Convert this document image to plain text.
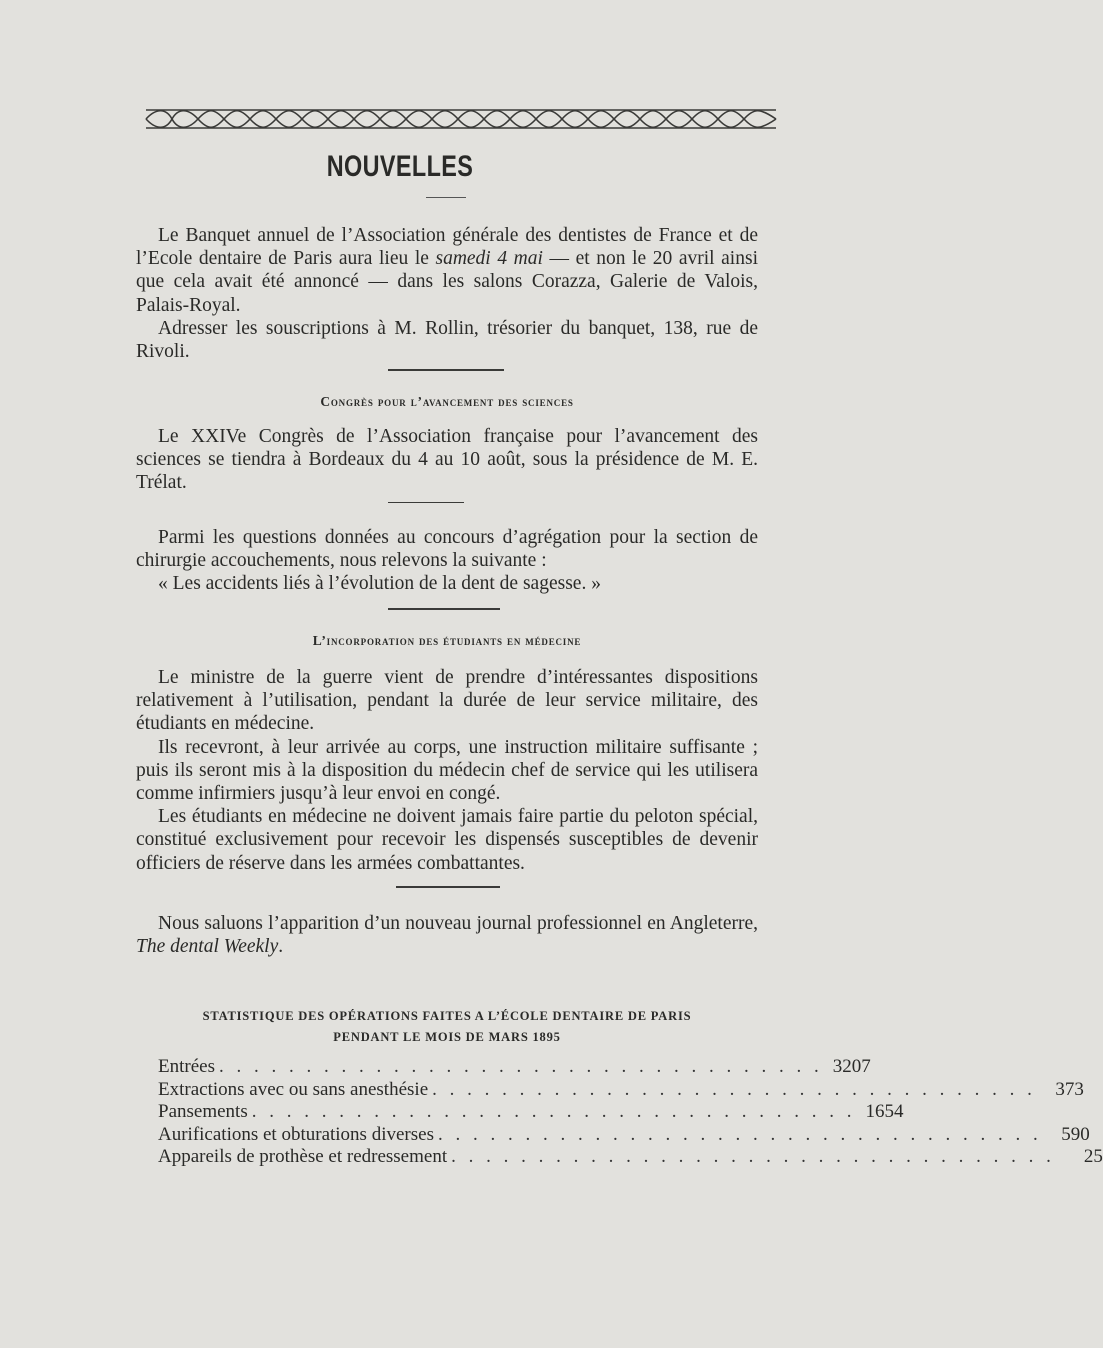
NOUVELLES

Le Banquet annuel de l’Association générale des dentistes de France et de l’Ecole dentaire de Paris aura lieu le samedi 4 mai — et non le 20 avril ainsi que cela avait été annoncé — dans les salons Corazza, Galerie de Valois, Palais-Royal.

Adresser les souscriptions à M. Rollin, trésorier du banquet, 138, rue de Rivoli.

Congrès pour l’avancement des sciences

Le XXIVe Congrès de l’Association française pour l’avancement des sciences se tiendra à Bordeaux du 4 au 10 août, sous la présidence de M. E. Trélat.

Parmi les questions données au concours d’agrégation pour la section de chirurgie accouchements, nous relevons la suivante :

« Les accidents liés à l’évolution de la dent de sagesse. »

L’incorporation des étudiants en médecine

Le ministre de la guerre vient de prendre d’intéressantes dispositions relativement à l’utilisation, pendant la durée de leur service militaire, des étudiants en médecine.

Ils recevront, à leur arrivée au corps, une instruction militaire suffisante ; puis ils seront mis à la disposition du médecin chef de service qui les utilisera comme infirmiers jusqu’à leur envoi en congé.

Les étudiants en médecine ne doivent jamais faire partie du peloton spécial, constitué exclusivement pour recevoir les dispensés susceptibles de devenir officiers de réserve dans les armées combattantes.

Nous saluons l’apparition d’un nouveau journal professionnel en Angleterre, The dental Weekly.

STATISTIQUE DES OPÉRATIONS FAITES A L’ÉCOLE DENTAIRE DE PARIS
PENDANT LE MOIS DE MARS 1895
Entrées . . . . . . . . . . . . . . . . . . . . . . . . . . . . . . . . . . . 3207
Extractions avec ou sans anesthésie . . . . . . . . . . . . . . . . . . . . . . . . . . . . . . . . . . .	373
Pansements . . . . . . . . . . . . . . . . . . . . . . . . . . . . . . . . . . . 1654
Aurifications et obturations diverses . . . . . . . . . . . . . . . . . . . . . . . . . . . . . . . . . . .	590
Appareils de prothèse et redressement . . . . . . . . . . . . . . . . . . . . . . . . . . . . . . . . . . .	25
